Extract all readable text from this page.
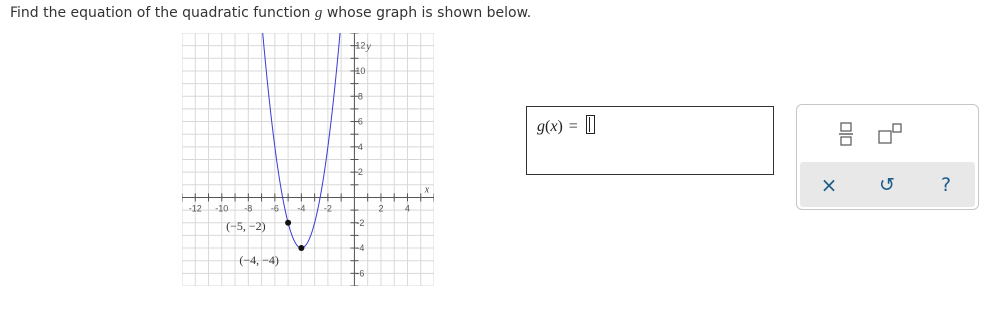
Find the equation of the quadratic function g whose graph is shown below.
-12 -10 -8 -6 -4 -2	2 4
12
10
8
6
4
2
-2
-4
-6
x
y
(−5, −2)
(−4, −4)
g(x) =
× ↺ ?
